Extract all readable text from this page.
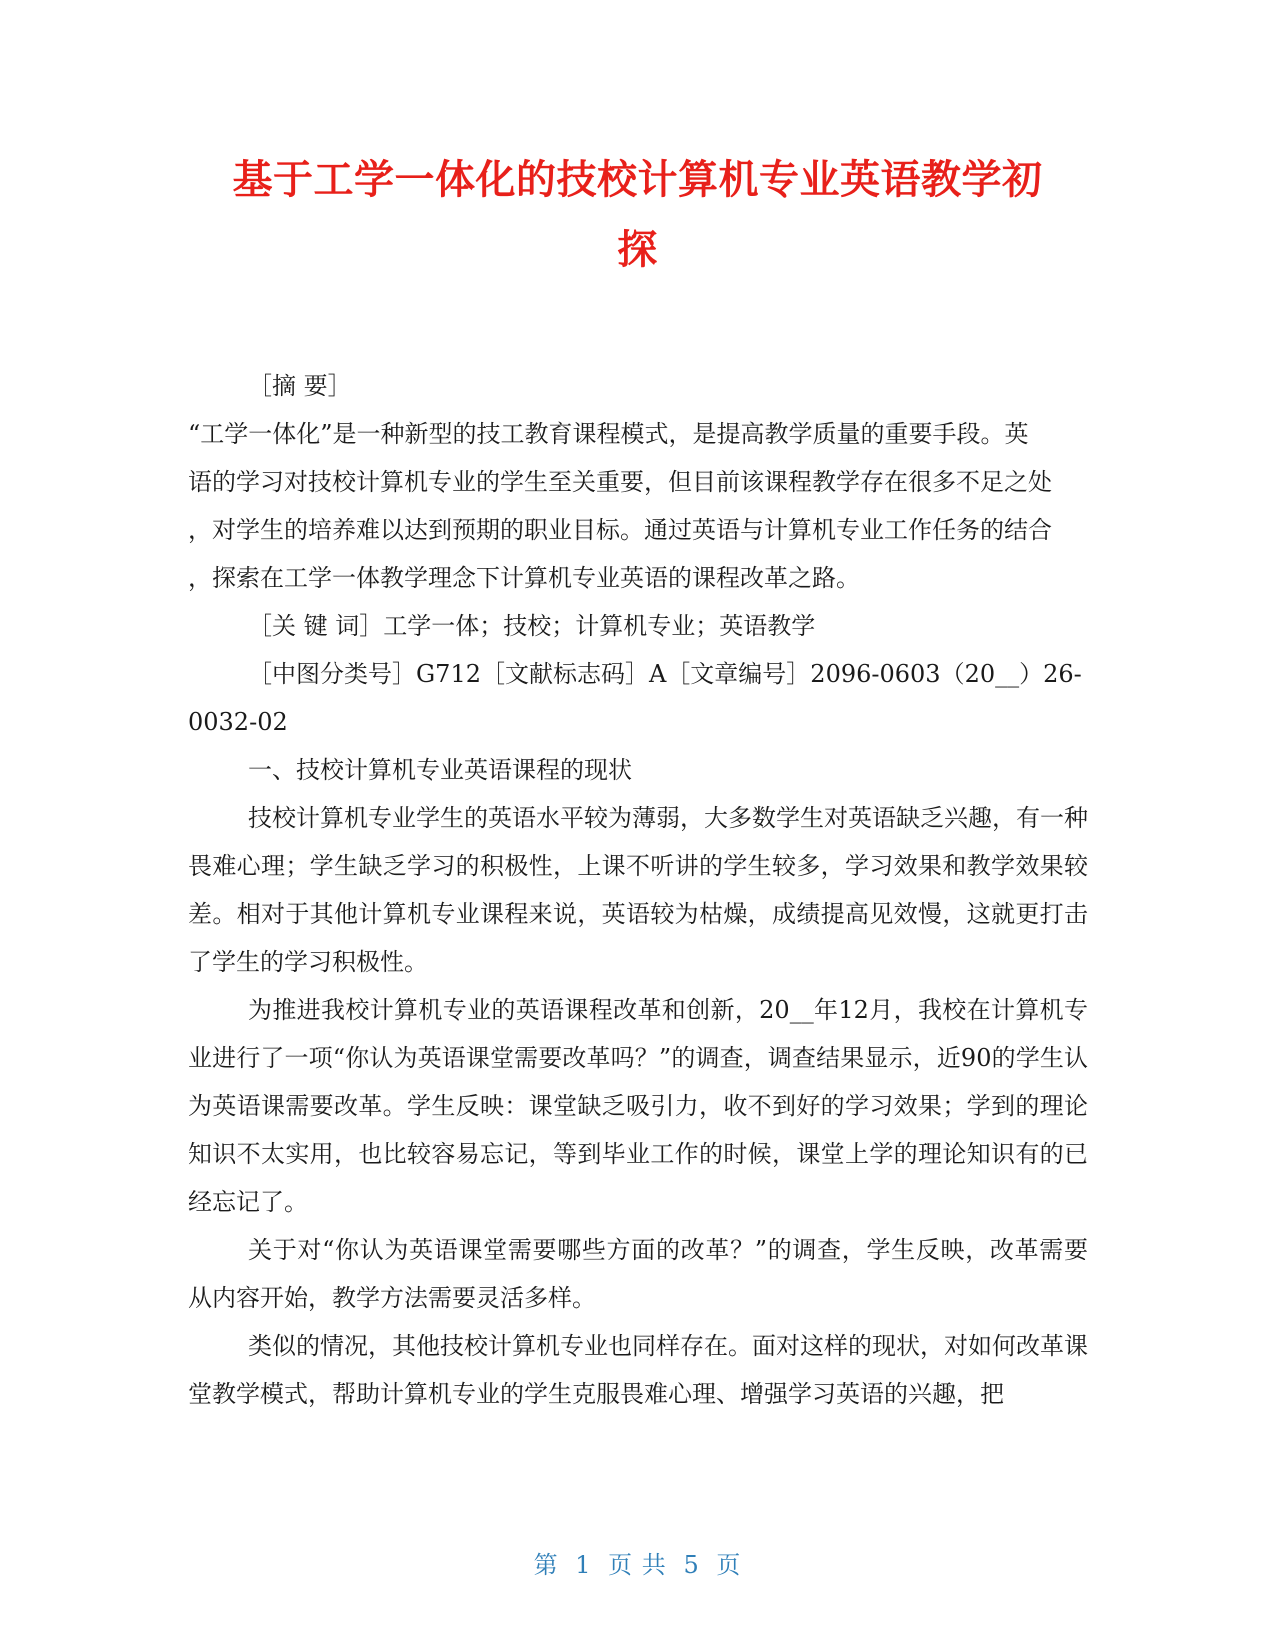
基于工学一体化的技校计算机专业英语教学初
探

［摘 要］

“工学一体化”是一种新型的技工教育课程模式，是提高教学质量的重要手段。英

语的学习对技校计算机专业的学生至关重要，但目前该课程教学存在很多不足之处

，对学生的培养难以达到预期的职业目标。通过英语与计算机专业工作任务的结合

，探索在工学一体教学理念下计算机专业英语的课程改革之路。

［关 键 词］工学一体；技校；计算机专业；英语教学

［中图分类号］G712［文献标志码］A［文章编号］2096-0603（20__）26-

0032-02

一、技校计算机专业英语课程的现状

技校计算机专业学生的英语水平较为薄弱，大多数学生对英语缺乏兴趣，有一种畏难心理；学生缺乏学习的积极性，上课不听讲的学生较多，学习效果和教学效果较差。相对于其他计算机专业课程来说，英语较为枯燥，成绩提高见效慢，这就更打击了学生的学习积极性。

为推进我校计算机专业的英语课程改革和创新，20__年12月，我校在计算机专业进行了一项“你认为英语课堂需要改革吗？”的调查，调查结果显示，近90的学生认为英语课需要改革。学生反映：课堂缺乏吸引力，收不到好的学习效果；学到的理论知识不太实用，也比较容易忘记，等到毕业工作的时候，课堂上学的理论知识有的已经忘记了。

关于对“你认为英语课堂需要哪些方面的改革？”的调查，学生反映，改革需要从内容开始，教学方法需要灵活多样。

类似的情况，其他技校计算机专业也同样存在。面对这样的现状，对如何改革课堂教学模式，帮助计算机专业的学生克服畏难心理、增强学习英语的兴趣，把

第 1 页 共 5 页
